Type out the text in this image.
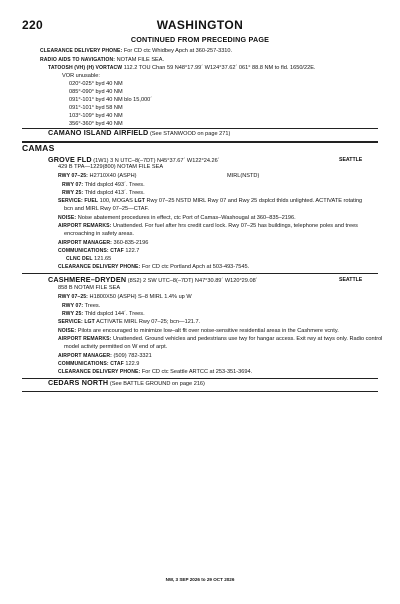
220	WASHINGTON
CONTINUED FROM PRECEDING PAGE
CLEARANCE DELIVERY PHONE: For CD ctc Whidbey Apch at 360-257-3310.
RADIO AIDS TO NAVIGATION: NOTAM FILE SEA.
TATOOSH (VH) (H) VORTACW 112.2 TOU Chan 59 N48°17.99´ W124°37.62´ 061° 88.8 NM to fld. 1650/22E.
VOR unusable:
020°-025° byd 40 NM
085°-090° byd 40 NM
091°-101° byd 40 NM blo 15,000´
091°-101° byd 58 NM
103°-109° byd 40 NM
356°-360° byd 40 NM
CAMANO ISLAND AIRFIELD (See STANWOOD on page 271)
CAMAS
GROVE FLD (1W1) 3 N UTC–8(–7DT) N45°37.67´ W122°24.26´	SEATTLE
429 B TPA—1229(800) NOTAM FILE SEA
MIRL(NSTD)
RWY 07–25: H2710X40 (ASPH)
RWY 07: Thld dsplcd 493´. Trees.
RWY 25: Thld dsplcd 413´. Trees.
SERVICE: FUEL 100, MOGAS LGT Rwy 07–25 NSTD MIRL Rwy 07 and Rwy 25 dsplcd thlds unlighted. ACTIVATE rotating
bcn and MIRL Rwy 07–25—CTAF.
NOISE: Noise abatement procedures in effect, ctc Port of Camas–Washougal at 360–835–2196.
AIRPORT REMARKS: Unattended. For fuel after hrs credit card lock. Rwy 07–25 has buildings, telephone poles and trees
encroaching in safety areas.
AIRPORT MANAGER: 360-835-2196
COMMUNICATIONS: CTAF 122.7
CLNC DEL 121.65
CLEARANCE DELIVERY PHONE: For CD ctc Portland Apch at 503-493-7545.
CASHMERE–DRYDEN (8S2) 2 SW UTC–8(–7DT) N47°30.89´ W120°29.08´	SEATTLE
858 B NOTAM FILE SEA
RWY 07–25: H1800X50 (ASPH) S–8 MIRL 1.4% up W
RWY 07: Trees.
RWY 25: Thld dsplcd 144´. Trees.
SERVICE: LGT ACTIVATE MIRL Rwy 07–25; bcn—121.7.
NOISE: Pilots are encouraged to minimize low–alt flt over noise-sensitive residential areas in the Cashmere vcnty.
AIRPORT REMARKS: Unattended. Ground vehicles and pedestrians use twy for hangar access. Exit rwy at twys only. Radio control
model activity permitted on W end of arpt.
AIRPORT MANAGER: (509) 782-3321
COMMUNICATIONS: CTAF 122.9
CLEARANCE DELIVERY PHONE: For CD ctc Seattle ARTCC at 253-351-3694.
CEDARS NORTH (See BATTLE GROUND on page 216)
NW, 3 SEP 2026 to 29 OCT 2026
